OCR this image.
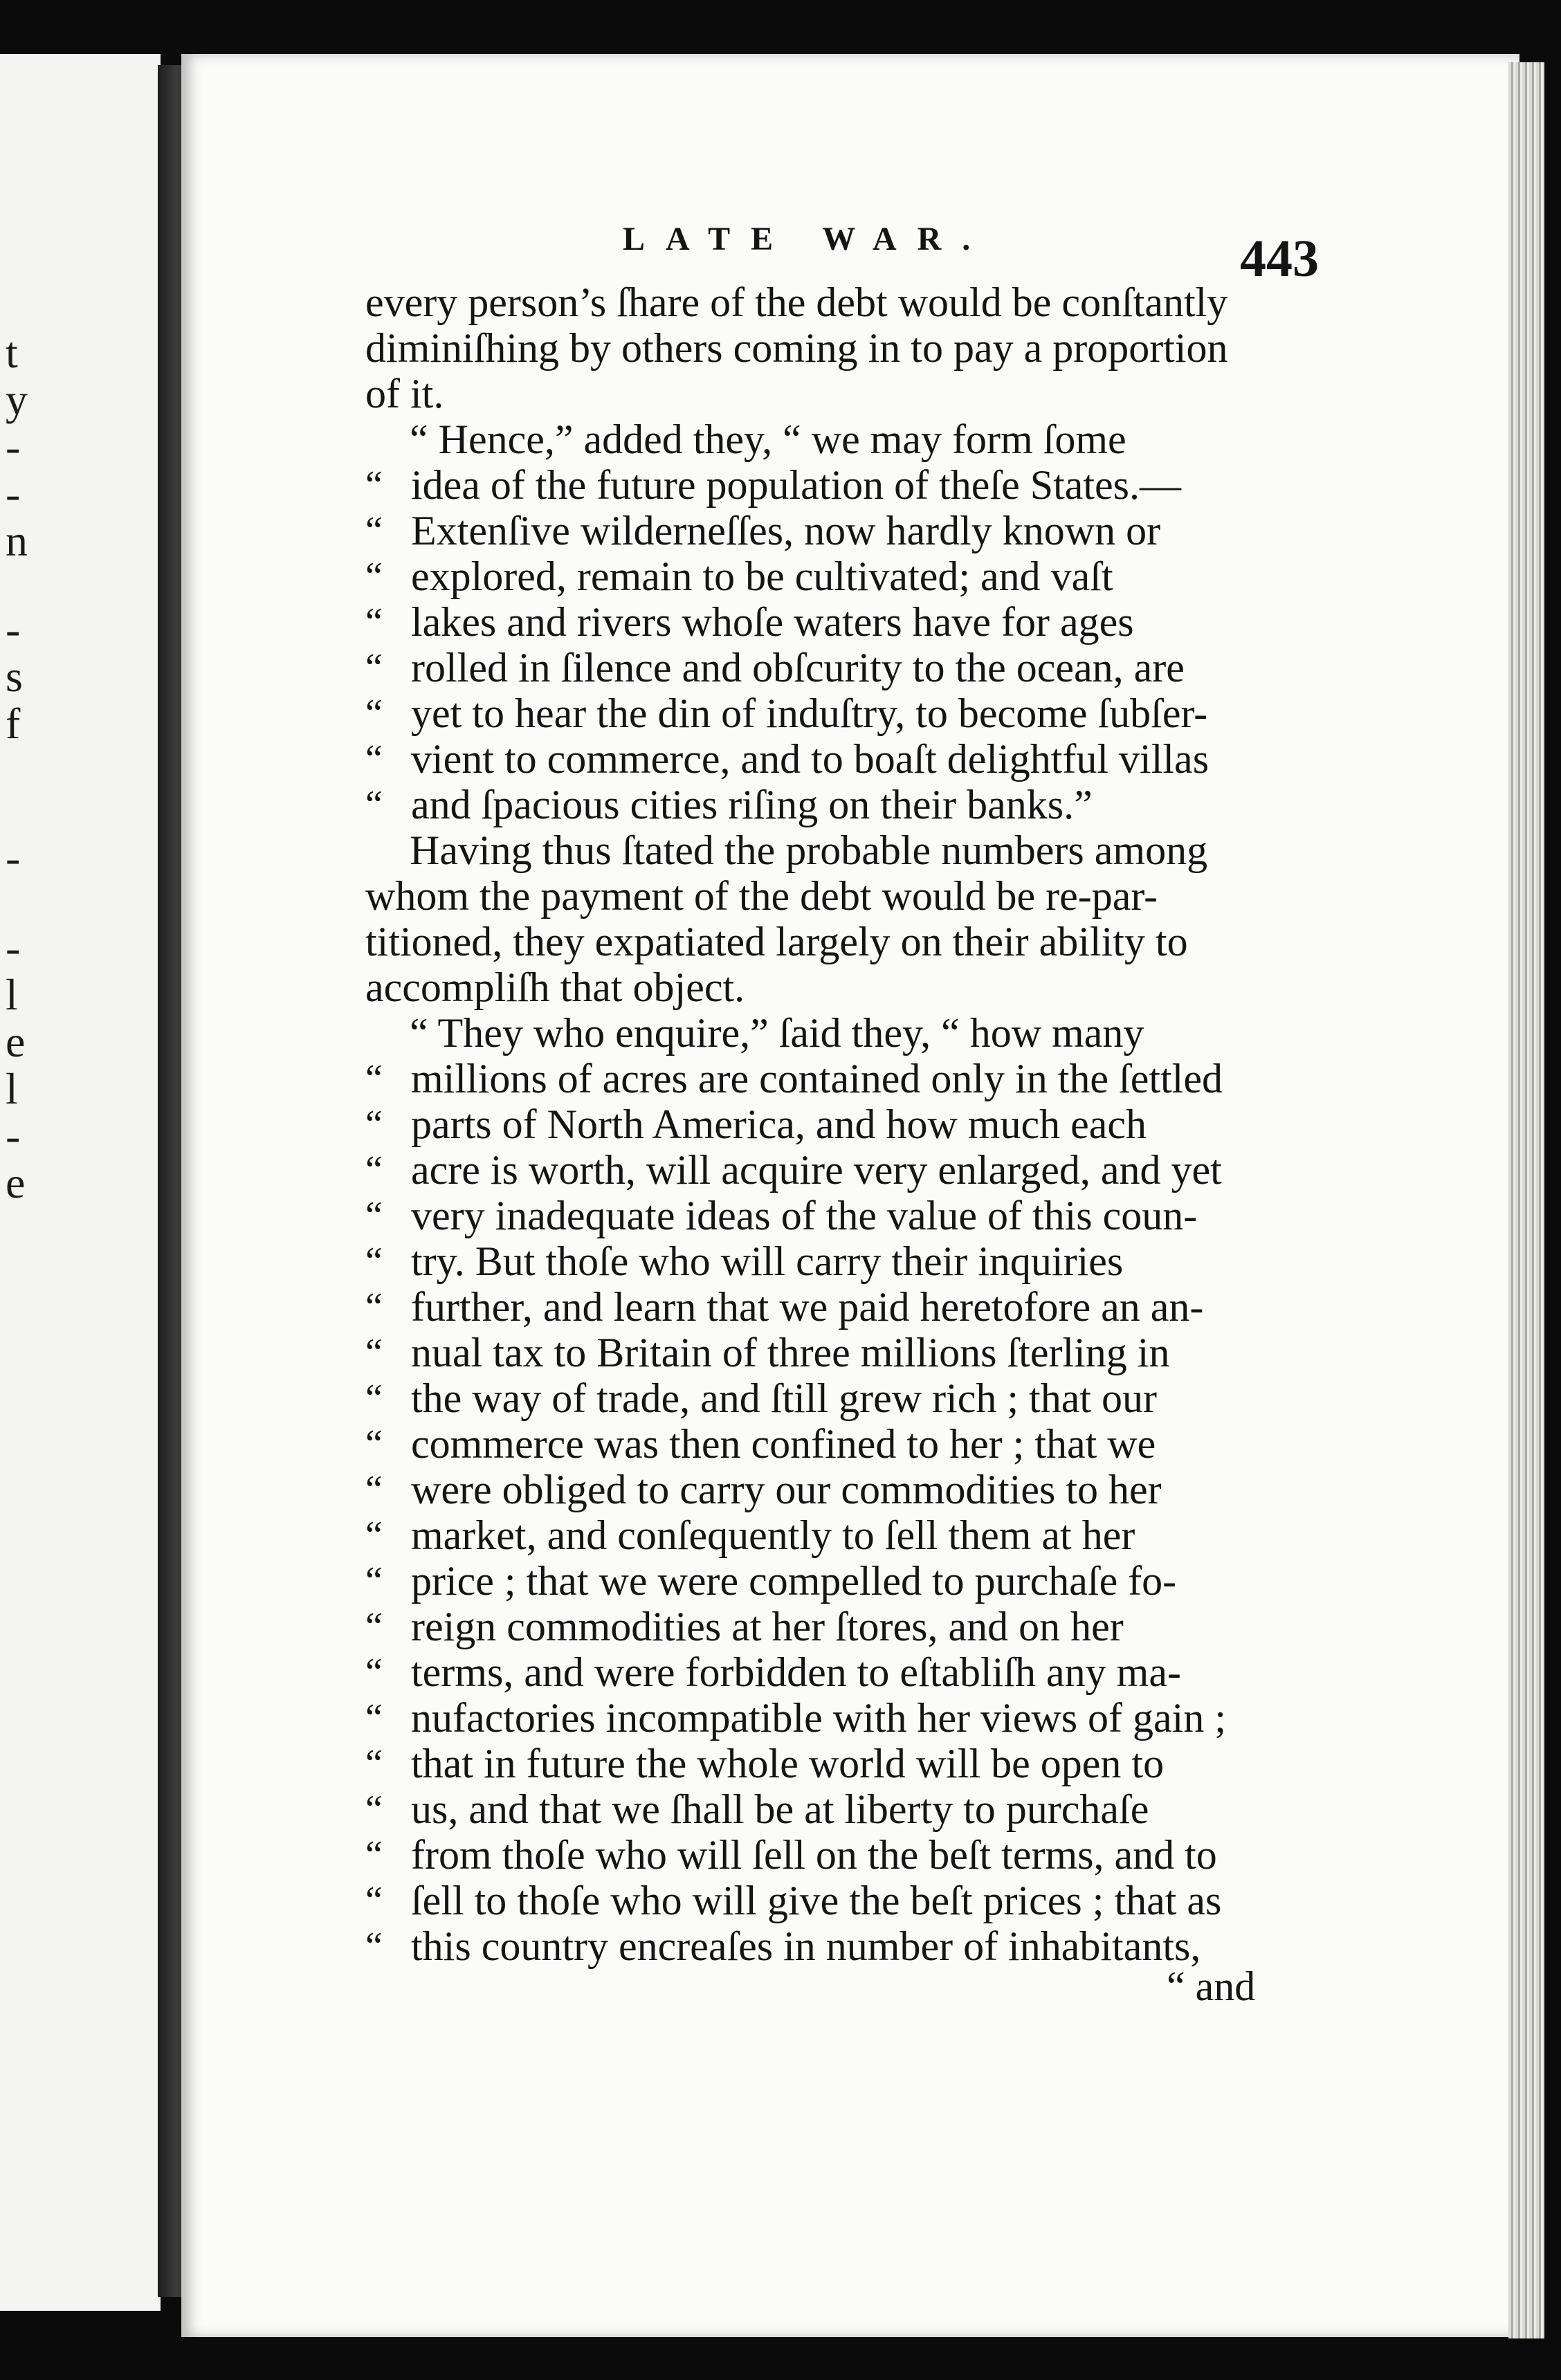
t
y
-
-
n
-
s
f
-
-
l
e
l
-
e
LATE WAR.	443
every person’s ſhare of the debt would be conſtantly
diminiſhing by others coming in to pay a proportion
of it.
“ Hence,” added they, “ we may form ſome
“ idea of the future population of theſe States.—
“ Extenſive wilderneſſes, now hardly known or
“ explored, remain to be cultivated; and vaſt
“ lakes and rivers whoſe waters have for ages
“ rolled in ſilence and obſcurity to the ocean, are
“ yet to hear the din of induſtry, to become ſubſer-
“ vient to commerce, and to boaſt delightful villas
“ and ſpacious cities riſing on their banks.”
Having thus ſtated the probable numbers among
whom the payment of the debt would be re-par-
titioned, they expatiated largely on their ability to
accompliſh that object.
“ They who enquire,” ſaid they, “ how many
“ millions of acres are contained only in the ſettled
“ parts of North America, and how much each
“ acre is worth, will acquire very enlarged, and yet
“ very inadequate ideas of the value of this coun-
“ try. But thoſe who will carry their inquiries
“ further, and learn that we paid heretofore an an-
“ nual tax to Britain of three millions ſterling in
“ the way of trade, and ſtill grew rich ; that our
“ commerce was then confined to her ; that we
“ were obliged to carry our commodities to her
“ market, and conſequently to ſell them at her
“ price ; that we were compelled to purchaſe fo-
“ reign commodities at her ſtores, and on her
“ terms, and were forbidden to eſtabliſh any ma-
“ nufactories incompatible with her views of gain ;
“ that in future the whole world will be open to
“ us, and that we ſhall be at liberty to purchaſe
“ from thoſe who will ſell on the beſt terms, and to
“ ſell to thoſe who will give the beſt prices ; that as
“ this country encreaſes in number of inhabitants,
“ and
